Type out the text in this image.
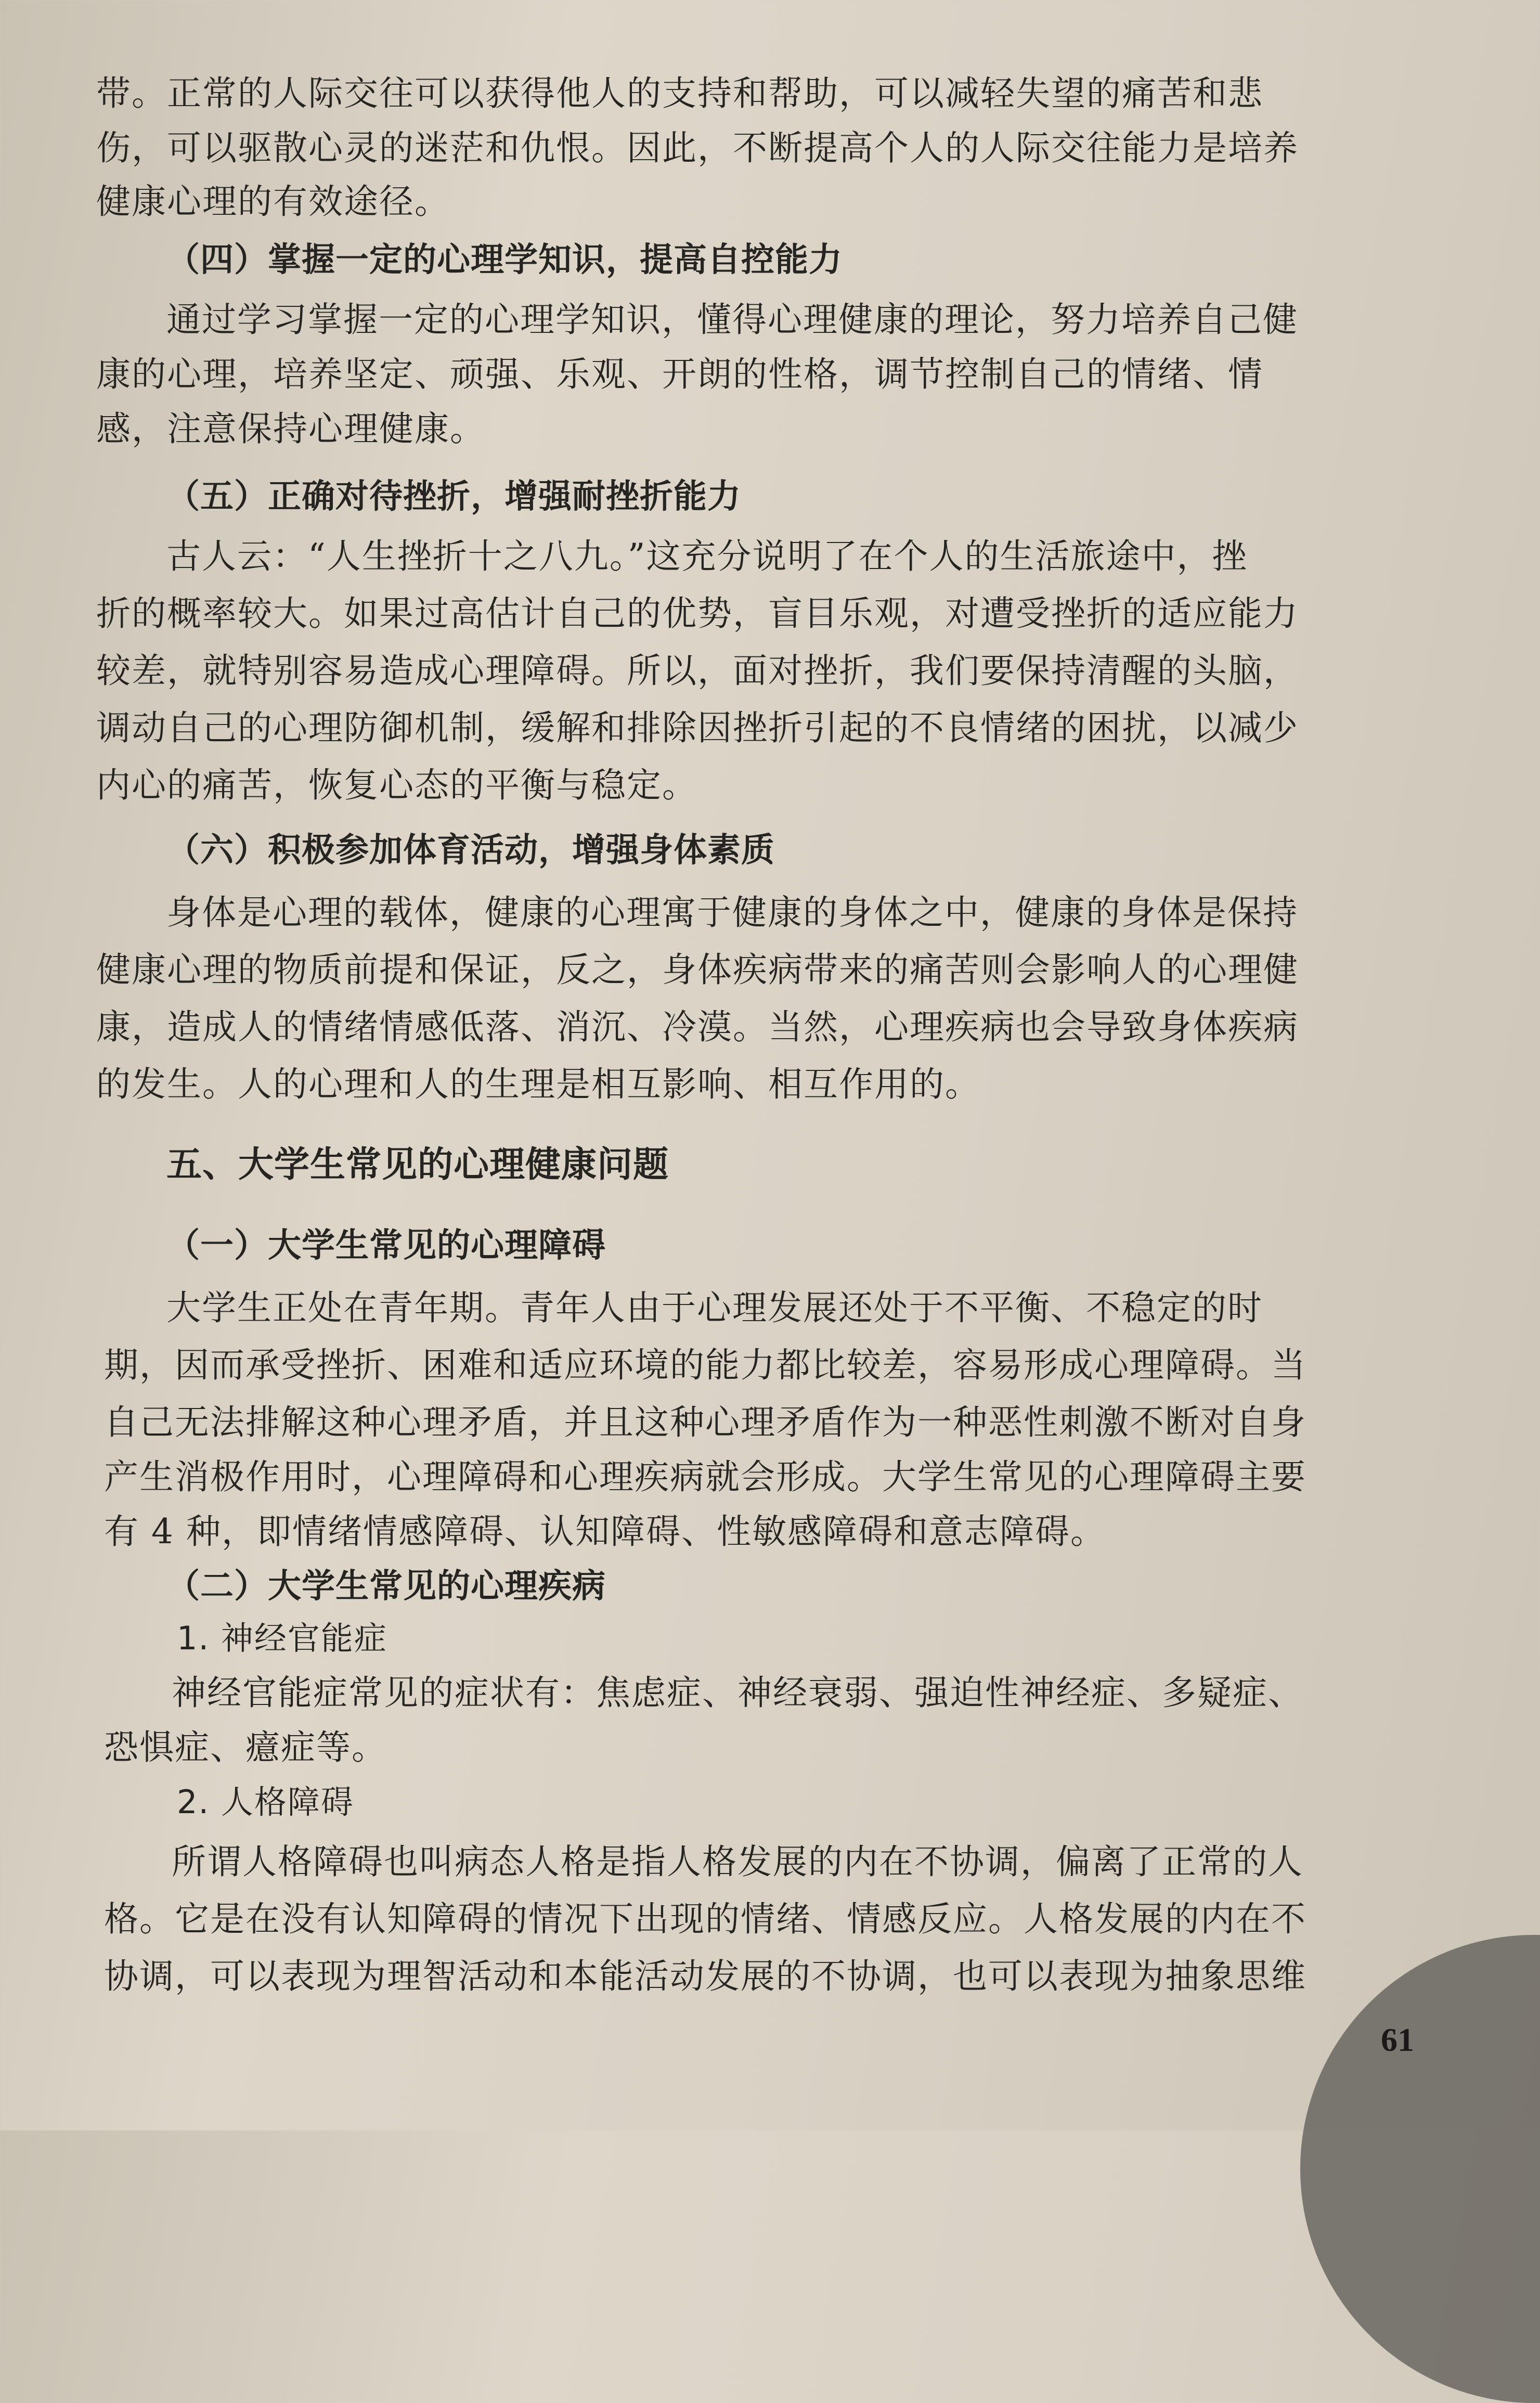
带。正常的人际交往可以获得他人的支持和帮助，可以减轻失望的痛苦和悲
伤，可以驱散心灵的迷茫和仇恨。因此，不断提高个人的人际交往能力是培养
健康心理的有效途径。
（四）掌握一定的心理学知识，提高自控能力
通过学习掌握一定的心理学知识，懂得心理健康的理论，努力培养自己健
康的心理，培养坚定、顽强、乐观、开朗的性格，调节控制自己的情绪、情
感，注意保持心理健康。
（五）正确对待挫折，增强耐挫折能力
古人云：“人生挫折十之八九。”这充分说明了在个人的生活旅途中，挫
折的概率较大。如果过高估计自己的优势，盲目乐观，对遭受挫折的适应能力
较差，就特别容易造成心理障碍。所以，面对挫折，我们要保持清醒的头脑，
调动自己的心理防御机制，缓解和排除因挫折引起的不良情绪的困扰，以减少
内心的痛苦，恢复心态的平衡与稳定。
（六）积极参加体育活动，增强身体素质
身体是心理的载体，健康的心理寓于健康的身体之中，健康的身体是保持
健康心理的物质前提和保证，反之，身体疾病带来的痛苦则会影响人的心理健
康，造成人的情绪情感低落、消沉、冷漠。当然，心理疾病也会导致身体疾病
的发生。人的心理和人的生理是相互影响、相互作用的。
五、大学生常见的心理健康问题
（一）大学生常见的心理障碍
大学生正处在青年期。青年人由于心理发展还处于不平衡、不稳定的时
期，因而承受挫折、困难和适应环境的能力都比较差，容易形成心理障碍。当
自己无法排解这种心理矛盾，并且这种心理矛盾作为一种恶性刺激不断对自身
产生消极作用时，心理障碍和心理疾病就会形成。大学生常见的心理障碍主要
有 4 种，即情绪情感障碍、认知障碍、性敏感障碍和意志障碍。
（二）大学生常见的心理疾病
1. 神经官能症
神经官能症常见的症状有：焦虑症、神经衰弱、强迫性神经症、多疑症、
恐惧症、癔症等。
2. 人格障碍
所谓人格障碍也叫病态人格是指人格发展的内在不协调，偏离了正常的人
格。它是在没有认知障碍的情况下出现的情绪、情感反应。人格发展的内在不
协调，可以表现为理智活动和本能活动发展的不协调，也可以表现为抽象思维
61
